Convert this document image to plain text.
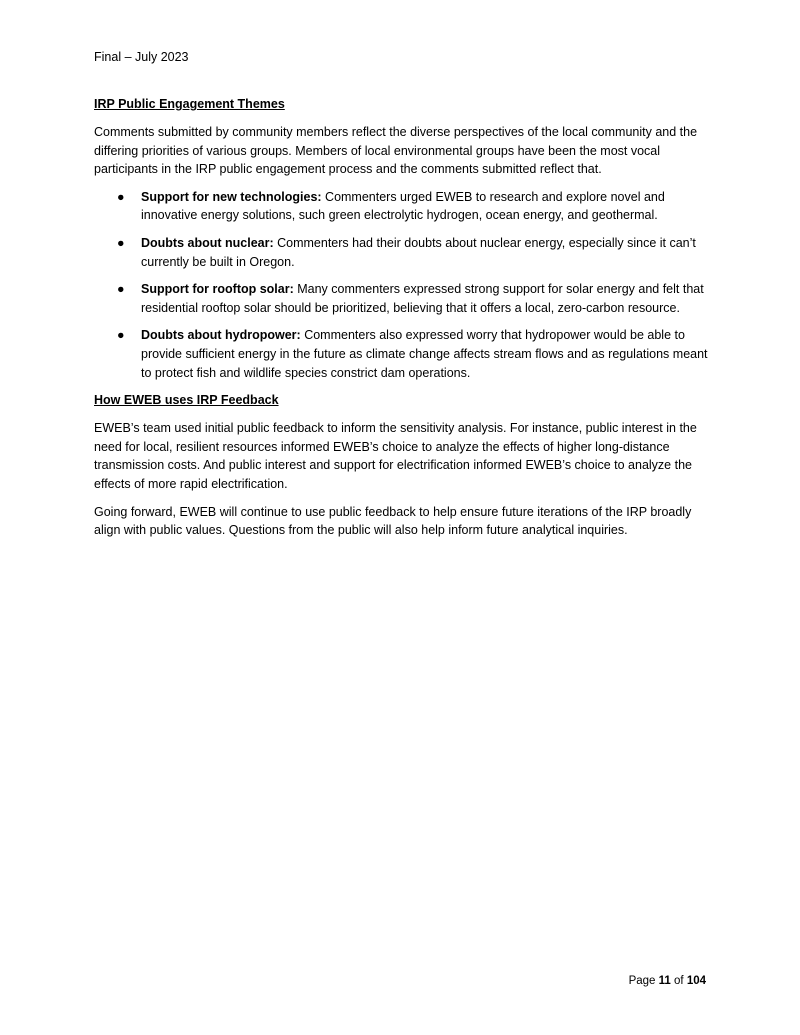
Final – July 2023
IRP Public Engagement Themes

Comments submitted by community members reflect the diverse perspectives of the local community and the differing priorities of various groups. Members of local environmental groups have been the most vocal participants in the IRP public engagement process and the comments submitted reflect that.

● Support for new technologies: Commenters urged EWEB to research and explore novel and innovative energy solutions, such green electrolytic hydrogen, ocean energy, and geothermal.
● Doubts about nuclear: Commenters had their doubts about nuclear energy, especially since it can’t currently be built in Oregon.
● Support for rooftop solar: Many commenters expressed strong support for solar energy and felt that residential rooftop solar should be prioritized, believing that it offers a local, zero-carbon resource.
● Doubts about hydropower: Commenters also expressed worry that hydropower would be able to provide sufficient energy in the future as climate change affects stream flows and as regulations meant to protect fish and wildlife species constrict dam operations.
How EWEB uses IRP Feedback

EWEB’s team used initial public feedback to inform the sensitivity analysis. For instance, public interest in the need for local, resilient resources informed EWEB’s choice to analyze the effects of higher long-distance transmission costs. And public interest and support for electrification informed EWEB’s choice to analyze the effects of more rapid electrification.

Going forward, EWEB will continue to use public feedback to help ensure future iterations of the IRP broadly align with public values. Questions from the public will also help inform future analytical inquiries.

Page 11 of 104
